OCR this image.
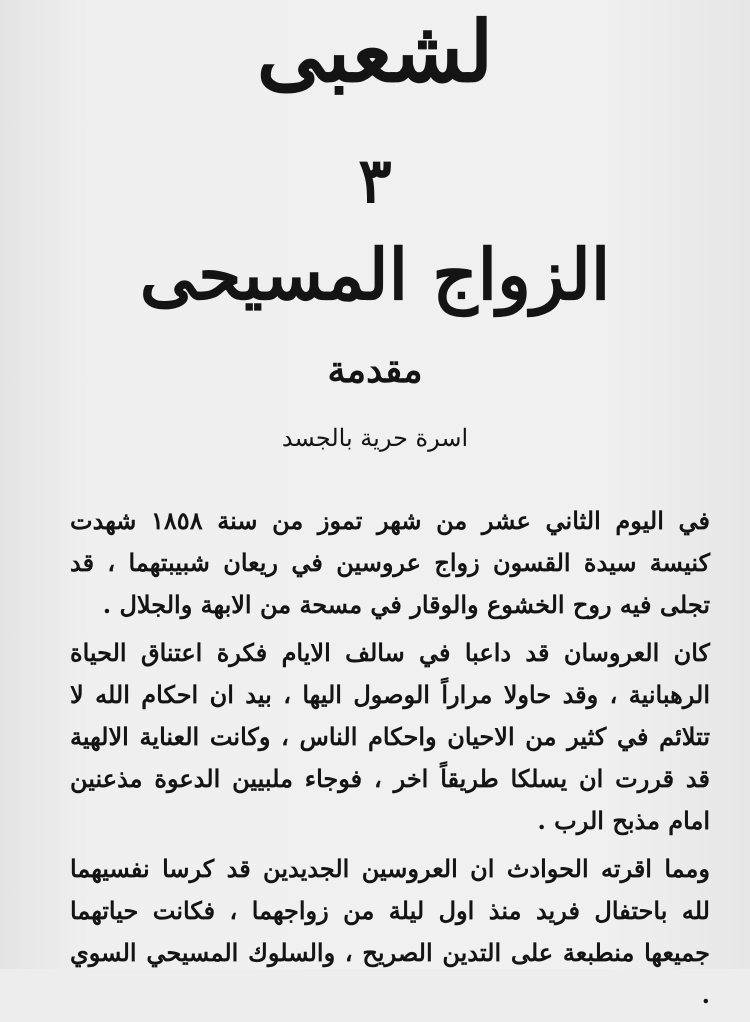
لشعبى
٣
الزواج المسيحى
مقدمة
اسرة حرية بالجسد

في اليوم الثاني عشر من شهر تموز من سنة ١٨٥٨ شهدت كنيسة سيدة القسون زواج عروسين في ريعان شبيبتهما ، قد تجلى فيه روح الخشوع والوقار في مسحة من الابهة والجلال .

كان العروسان قد داعبا في سالف الايام فكرة اعتناق الحياة الرهبانية ، وقد حاولا مراراً الوصول اليها ، بيد ان احكام الله لا تتلائم في كثير من الاحيان واحكام الناس ، وكانت العناية الالهية قد قررت ان يسلكا طريقاً اخر ، فوجاء ملبيين الدعوة مذعنين امام مذبح الرب .

ومما اقرته الحوادث ان العروسين الجديدين قد كرسا نفسيهما لله باحتفال فريد منذ اول ليلة من زواجهما ، فكانت حياتهما جميعها منطبعة على التدين الصريح ، والسلوك المسيحي السوي .
